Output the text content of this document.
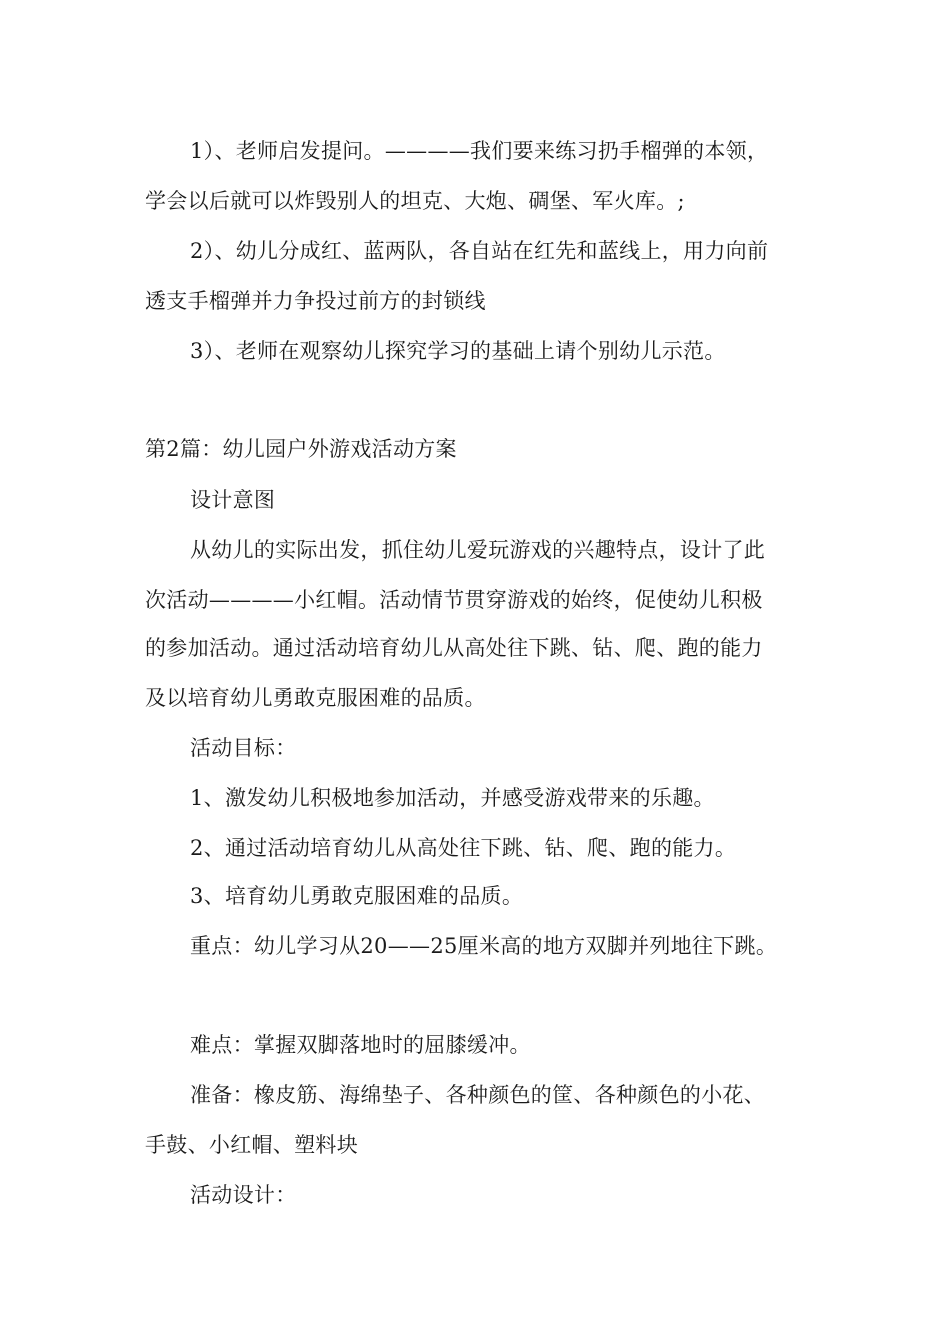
1）、老师启发提问。————我们要来练习扔手榴弹的本领，
学会以后就可以炸毁别人的坦克、大炮、碉堡、军火库。;
2）、幼儿分成红、蓝两队，各自站在红先和蓝线上，用力向前
透支手榴弹并力争投过前方的封锁线
3）、老师在观察幼儿探究学习的基础上请个别幼儿示范。
第2篇：幼儿园户外游戏活动方案
设计意图
从幼儿的实际出发，抓住幼儿爱玩游戏的兴趣特点，设计了此
次活动————小红帽。活动情节贯穿游戏的始终，促使幼儿积极
的参加活动。通过活动培育幼儿从高处往下跳、钻、爬、跑的能力
及以培育幼儿勇敢克服困难的品质。
活动目标：
1、激发幼儿积极地参加活动，并感受游戏带来的乐趣。
2、通过活动培育幼儿从高处往下跳、钻、爬、跑的能力。
3、培育幼儿勇敢克服困难的品质。
重点：幼儿学习从20——25厘米高的地方双脚并列地往下跳。
难点：掌握双脚落地时的屈膝缓冲。
准备：橡皮筋、海绵垫子、各种颜色的筐、各种颜色的小花、
手鼓、小红帽、塑料块
活动设计：
